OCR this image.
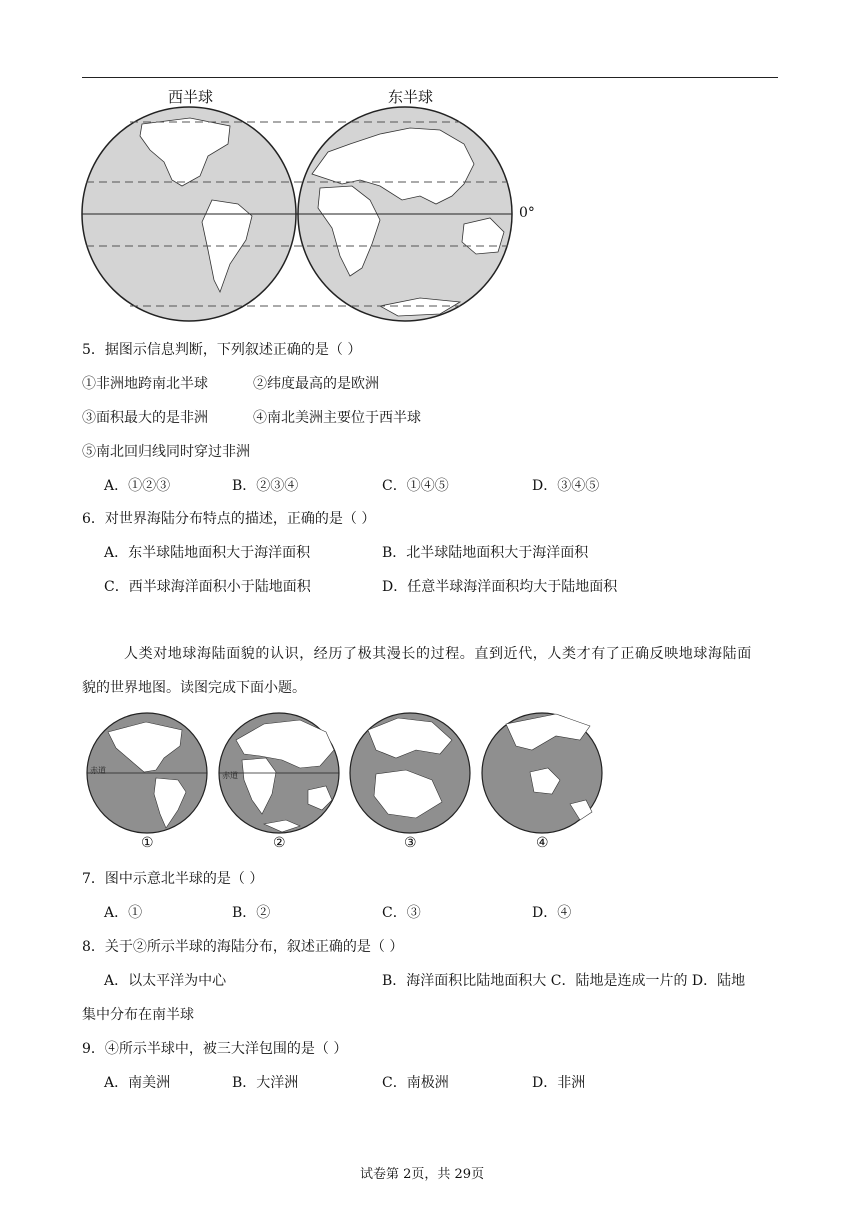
西半球	东半球
0°
5．据图示信息判断，下列叙述正确的是（ ）
①非洲地跨南北半球	②纬度最高的是欧洲
③面积最大的是非洲	④南北美洲主要位于西半球
⑤南北回归线同时穿过非洲
A．①②③	B．②③④	C．①④⑤	D．③④⑤
6．对世界海陆分布特点的描述，正确的是（ ）
A．东半球陆地面积大于海洋面积	B．北半球陆地面积大于海洋面积
C．西半球海洋面积小于陆地面积	D．任意半球海洋面积均大于陆地面积
人类对地球海陆面貌的认识，经历了极其漫长的过程。直到近代，人类才有了正确反映地球海陆面
貌的世界地图。读图完成下面小题。
赤道
赤道
①	②	③	④
7．图中示意北半球的是（ ）
A．①	B．②	C．③	D．④
8．关于②所示半球的海陆分布，叙述正确的是（ ）
A．以太平洋为中心	B．海洋面积比陆地面积大 C．陆地是连成一片的 D．陆地
集中分布在南半球
9．④所示半球中，被三大洋包围的是（ ）
A．南美洲	B．大洋洲	C．南极洲	D．非洲
试卷第 2页，共 29页
